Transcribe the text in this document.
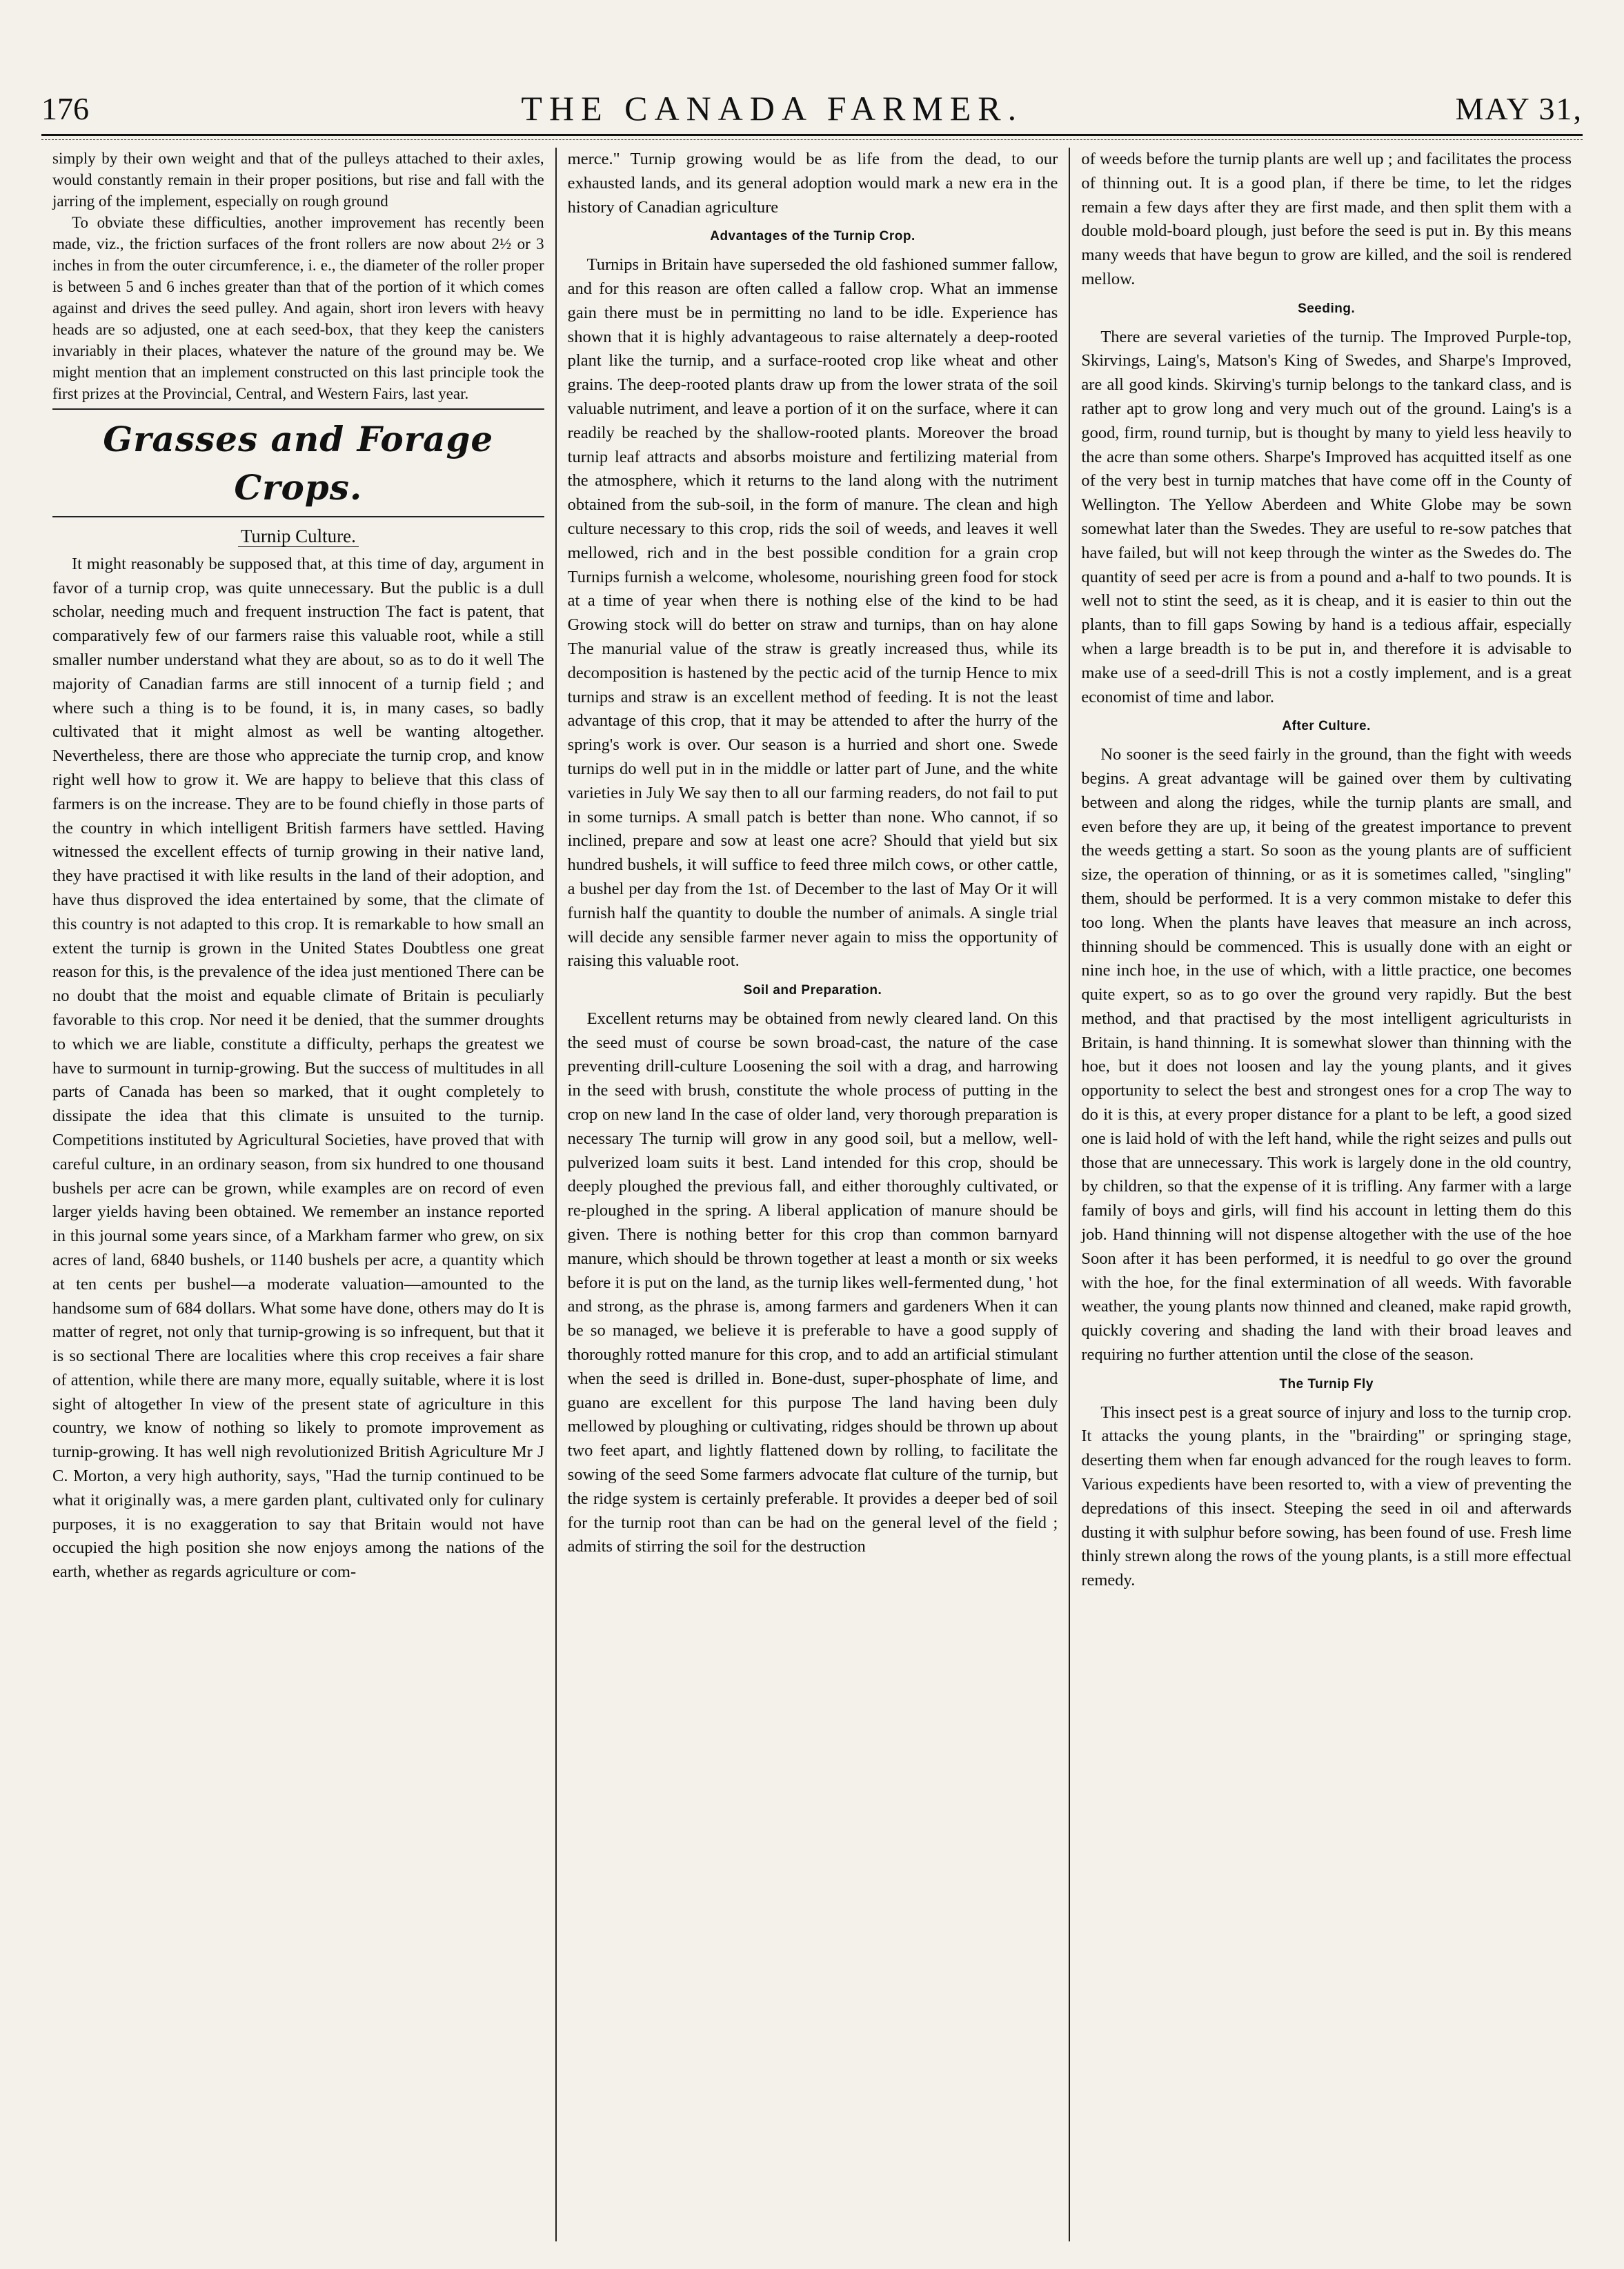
176	THE CANADA FARMER.	MAY 31,

simply by their own weight and that of the pulleys attached to their axles, would constantly remain in their proper positions, but rise and fall with the jarring of the implement, especially on rough ground

To obviate these difficulties, another improvement has recently been made, viz., the friction surfaces of the front rollers are now about 2½ or 3 inches in from the outer circumference, i. e., the diameter of the roller proper is between 5 and 6 inches greater than that of the portion of it which comes against and drives the seed pulley. And again, short iron levers with heavy heads are so adjusted, one at each seed-box, that they keep the canisters invariably in their places, whatever the nature of the ground may be. We might mention that an implement constructed on this last principle took the first prizes at the Provincial, Central, and Western Fairs, last year.

Grasses and Forage Crops.
Turnip Culture.

It might reasonably be supposed that, at this time of day, argument in favor of a turnip crop, was quite unnecessary. But the public is a dull scholar, needing much and frequent instruction The fact is patent, that comparatively few of our farmers raise this valuable root, while a still smaller number understand what they are about, so as to do it well The majority of Canadian farms are still innocent of a turnip field ; and where such a thing is to be found, it is, in many cases, so badly cultivated that it might almost as well be wanting altogether. Nevertheless, there are those who appreciate the turnip crop, and know right well how to grow it. We are happy to believe that this class of farmers is on the increase. They are to be found chiefly in those parts of the country in which intelligent British farmers have settled. Having witnessed the excellent effects of turnip growing in their native land, they have practised it with like results in the land of their adoption, and have thus disproved the idea entertained by some, that the climate of this country is not adapted to this crop. It is remarkable to how small an extent the turnip is grown in the United States Doubtless one great reason for this, is the prevalence of the idea just mentioned There can be no doubt that the moist and equable climate of Britain is peculiarly favorable to this crop. Nor need it be denied, that the summer droughts to which we are liable, constitute a difficulty, perhaps the greatest we have to surmount in turnip-growing. But the success of multitudes in all parts of Canada has been so marked, that it ought completely to dissipate the idea that this climate is unsuited to the turnip. Competitions instituted by Agricultural Societies, have proved that with careful culture, in an ordinary season, from six hundred to one thousand bushels per acre can be grown, while examples are on record of even larger yields having been obtained. We remember an instance reported in this journal some years since, of a Markham farmer who grew, on six acres of land, 6840 bushels, or 1140 bushels per acre, a quantity which at ten cents per bushel—a moderate valuation—amounted to the handsome sum of 684 dollars. What some have done, others may do It is matter of regret, not only that turnip-growing is so infrequent, but that it is so sectional There are localities where this crop receives a fair share of attention, while there are many more, equally suitable, where it is lost sight of altogether In view of the present state of agriculture in this country, we know of nothing so likely to promote improvement as turnip-growing. It has well nigh revolutionized British Agriculture Mr J C. Morton, a very high authority, says, "Had the turnip continued to be what it originally was, a mere garden plant, cultivated only for culinary purposes, it is no exaggeration to say that Britain would not have occupied the high position she now enjoys among the nations of the earth, whether as regards agriculture or com-

merce." Turnip growing would be as life from the dead, to our exhausted lands, and its general adoption would mark a new era in the history of Canadian agriculture

Advantages of the Turnip Crop.

Turnips in Britain have superseded the old fashioned summer fallow, and for this reason are often called a fallow crop. What an immense gain there must be in permitting no land to be idle. Experience has shown that it is highly advantageous to raise alternately a deep-rooted plant like the turnip, and a surface-rooted crop like wheat and other grains. The deep-rooted plants draw up from the lower strata of the soil valuable nutriment, and leave a portion of it on the surface, where it can readily be reached by the shallow-rooted plants. Moreover the broad turnip leaf attracts and absorbs moisture and fertilizing material from the atmosphere, which it returns to the land along with the nutriment obtained from the sub-soil, in the form of manure. The clean and high culture necessary to this crop, rids the soil of weeds, and leaves it well mellowed, rich and in the best possible condition for a grain crop Turnips furnish a welcome, wholesome, nourishing green food for stock at a time of year when there is nothing else of the kind to be had Growing stock will do better on straw and turnips, than on hay alone The manurial value of the straw is greatly increased thus, while its decomposition is hastened by the pectic acid of the turnip Hence to mix turnips and straw is an excellent method of feeding. It is not the least advantage of this crop, that it may be attended to after the hurry of the spring's work is over. Our season is a hurried and short one. Swede turnips do well put in in the middle or latter part of June, and the white varieties in July We say then to all our farming readers, do not fail to put in some turnips. A small patch is better than none. Who cannot, if so inclined, prepare and sow at least one acre? Should that yield but six hundred bushels, it will suffice to feed three milch cows, or other cattle, a bushel per day from the 1st. of December to the last of May Or it will furnish half the quantity to double the number of animals. A single trial will decide any sensible farmer never again to miss the opportunity of raising this valuable root.

Soil and Preparation.

Excellent returns may be obtained from newly cleared land. On this the seed must of course be sown broad-cast, the nature of the case preventing drill-culture Loosening the soil with a drag, and harrowing in the seed with brush, constitute the whole process of putting in the crop on new land In the case of older land, very thorough preparation is necessary The turnip will grow in any good soil, but a mellow, well-pulverized loam suits it best. Land intended for this crop, should be deeply ploughed the previous fall, and either thoroughly cultivated, or re-ploughed in the spring. A liberal application of manure should be given. There is nothing better for this crop than common barnyard manure, which should be thrown together at least a month or six weeks before it is put on the land, as the turnip likes well-fermented dung, ' hot and strong, as the phrase is, among farmers and gardeners When it can be so managed, we believe it is preferable to have a good supply of thoroughly rotted manure for this crop, and to add an artificial stimulant when the seed is drilled in. Bone-dust, super-phosphate of lime, and guano are excellent for this purpose The land having been duly mellowed by ploughing or cultivating, ridges should be thrown up about two feet apart, and lightly flattened down by rolling, to facilitate the sowing of the seed Some farmers advocate flat culture of the turnip, but the ridge system is certainly preferable. It provides a deeper bed of soil for the turnip root than can be had on the general level of the field ; admits of stirring the soil for the destruction

of weeds before the turnip plants are well up ; and facilitates the process of thinning out. It is a good plan, if there be time, to let the ridges remain a few days after they are first made, and then split them with a double mold-board plough, just before the seed is put in. By this means many weeds that have begun to grow are killed, and the soil is rendered mellow.

Seeding.

There are several varieties of the turnip. The Improved Purple-top, Skirvings, Laing's, Matson's King of Swedes, and Sharpe's Improved, are all good kinds. Skirving's turnip belongs to the tankard class, and is rather apt to grow long and very much out of the ground. Laing's is a good, firm, round turnip, but is thought by many to yield less heavily to the acre than some others. Sharpe's Improved has acquitted itself as one of the very best in turnip matches that have come off in the County of Wellington. The Yellow Aberdeen and White Globe may be sown somewhat later than the Swedes. They are useful to re-sow patches that have failed, but will not keep through the winter as the Swedes do. The quantity of seed per acre is from a pound and a-half to two pounds. It is well not to stint the seed, as it is cheap, and it is easier to thin out the plants, than to fill gaps Sowing by hand is a tedious affair, especially when a large breadth is to be put in, and therefore it is advisable to make use of a seed-drill This is not a costly implement, and is a great economist of time and labor.

After Culture.

No sooner is the seed fairly in the ground, than the fight with weeds begins. A great advantage will be gained over them by cultivating between and along the ridges, while the turnip plants are small, and even before they are up, it being of the greatest importance to prevent the weeds getting a start. So soon as the young plants are of sufficient size, the operation of thinning, or as it is sometimes called, "singling" them, should be performed. It is a very common mistake to defer this too long. When the plants have leaves that measure an inch across, thinning should be commenced. This is usually done with an eight or nine inch hoe, in the use of which, with a little practice, one becomes quite expert, so as to go over the ground very rapidly. But the best method, and that practised by the most intelligent agriculturists in Britain, is hand thinning. It is somewhat slower than thinning with the hoe, but it does not loosen and lay the young plants, and it gives opportunity to select the best and strongest ones for a crop The way to do it is this, at every proper distance for a plant to be left, a good sized one is laid hold of with the left hand, while the right seizes and pulls out those that are unnecessary. This work is largely done in the old country, by children, so that the expense of it is trifling. Any farmer with a large family of boys and girls, will find his account in letting them do this job. Hand thinning will not dispense altogether with the use of the hoe Soon after it has been performed, it is needful to go over the ground with the hoe, for the final extermination of all weeds. With favorable weather, the young plants now thinned and cleaned, make rapid growth, quickly covering and shading the land with their broad leaves and requiring no further attention until the close of the season.

The Turnip Fly

This insect pest is a great source of injury and loss to the turnip crop. It attacks the young plants, in the "brairding" or springing stage, deserting them when far enough advanced for the rough leaves to form. Various expedients have been resorted to, with a view of preventing the depredations of this insect. Steeping the seed in oil and afterwards dusting it with sulphur before sowing, has been found of use. Fresh lime thinly strewn along the rows of the young plants, is a still more effectual remedy.
